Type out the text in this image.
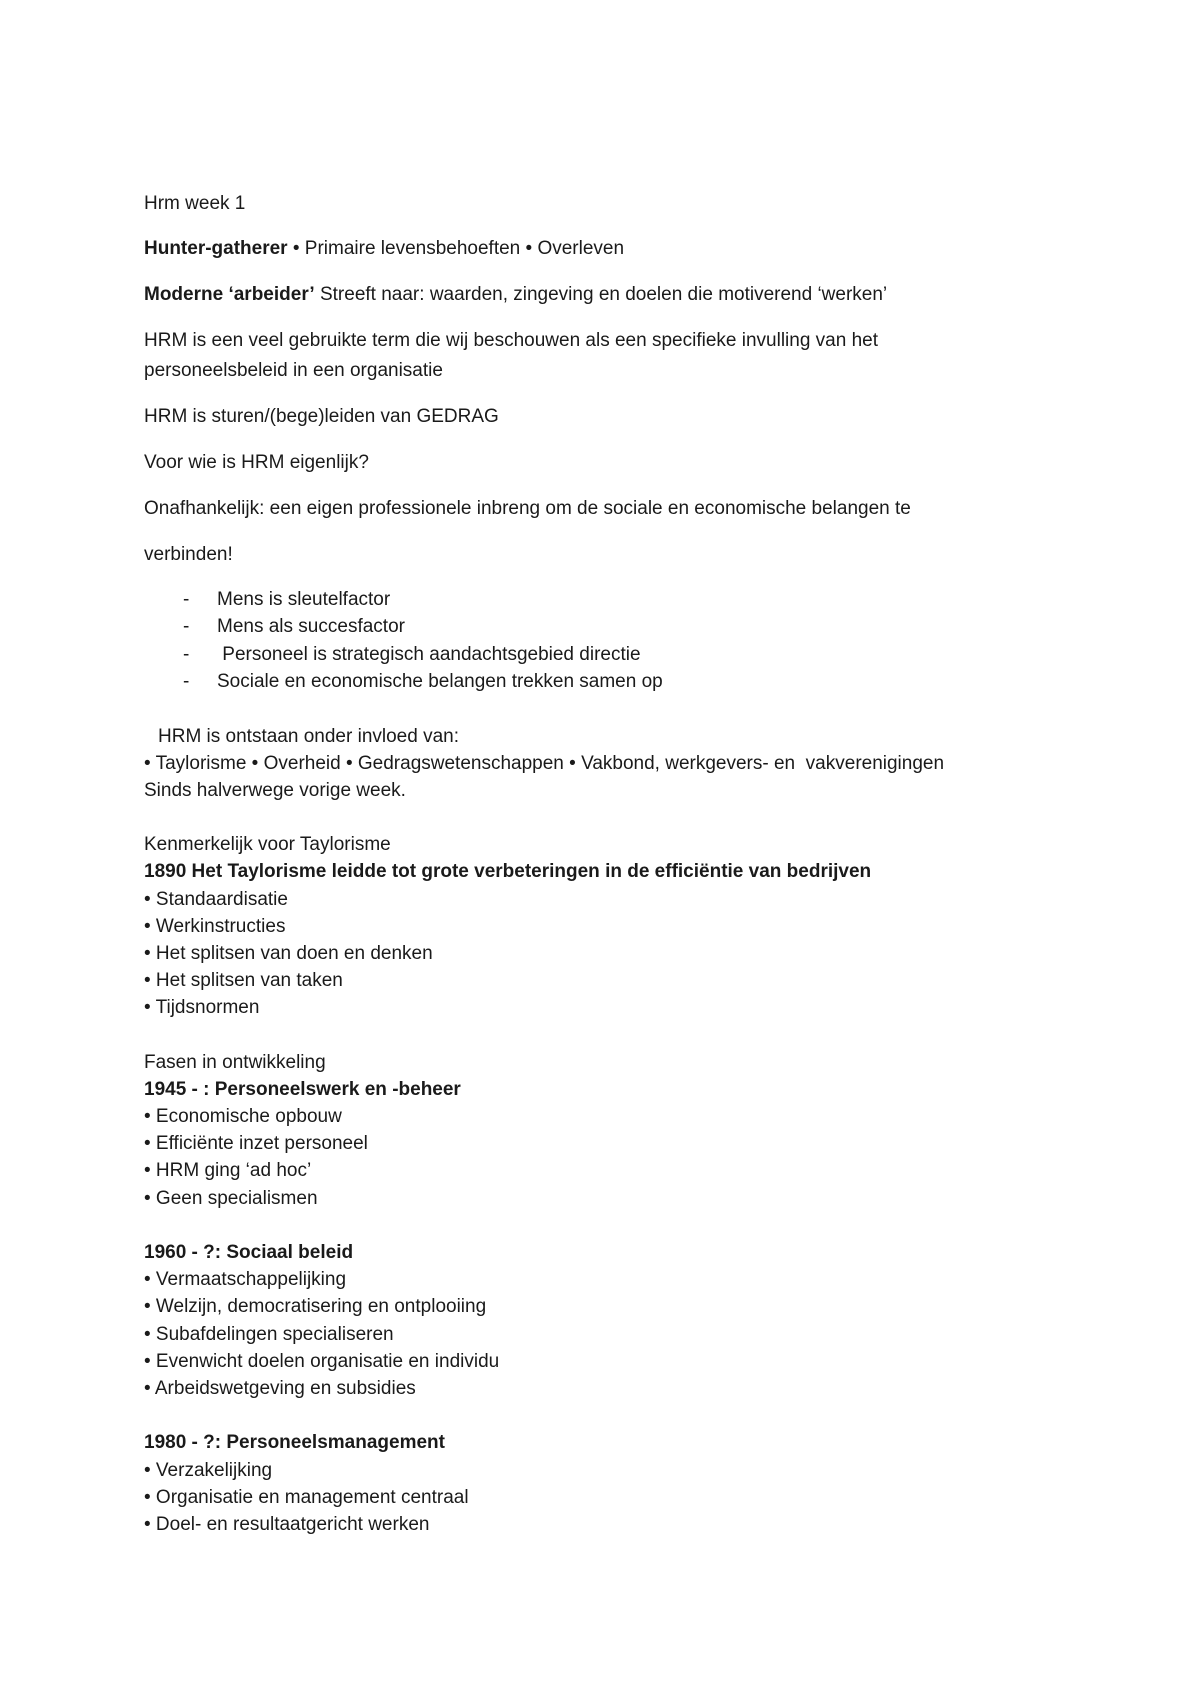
Hrm week 1
Hunter-gatherer • Primaire levensbehoeften • Overleven
Moderne ‘arbeider’ Streeft naar: waarden, zingeving en doelen die motiverend ‘werken’
HRM is een veel gebruikte term die wij beschouwen als een specifieke invulling van het
personeelsbeleid in een organisatie
HRM is sturen/(bege)leiden van GEDRAG
Voor wie is HRM eigenlijk?
Onafhankelijk: een eigen professionele inbreng om de sociale en economische belangen te
verbinden!
- Mens is sleutelfactor
- Mens als succesfactor
- Personeel is strategisch aandachtsgebied directie
- Sociale en economische belangen trekken samen op
HRM is ontstaan onder invloed van:
• Taylorisme • Overheid • Gedragswetenschappen • Vakbond, werkgevers- en  vakverenigingen
Sinds halverwege vorige week.
Kenmerkelijk voor Taylorisme
1890 Het Taylorisme leidde tot grote verbeteringen in de efficiëntie van bedrijven
• Standaardisatie
• Werkinstructies
• Het splitsen van doen en denken
• Het splitsen van taken
• Tijdsnormen
Fasen in ontwikkeling
1945 - : Personeelswerk en -beheer
• Economische opbouw
• Efficiënte inzet personeel
• HRM ging ‘ad hoc’
• Geen specialismen
1960 - ?: Sociaal beleid
• Vermaatschappelijking
• Welzijn, democratisering en ontplooiing
• Subafdelingen specialiseren
• Evenwicht doelen organisatie en individu
• Arbeidswetgeving en subsidies
1980 - ?: Personeelsmanagement
• Verzakelijking
• Organisatie en management centraal
• Doel- en resultaatgericht werken
